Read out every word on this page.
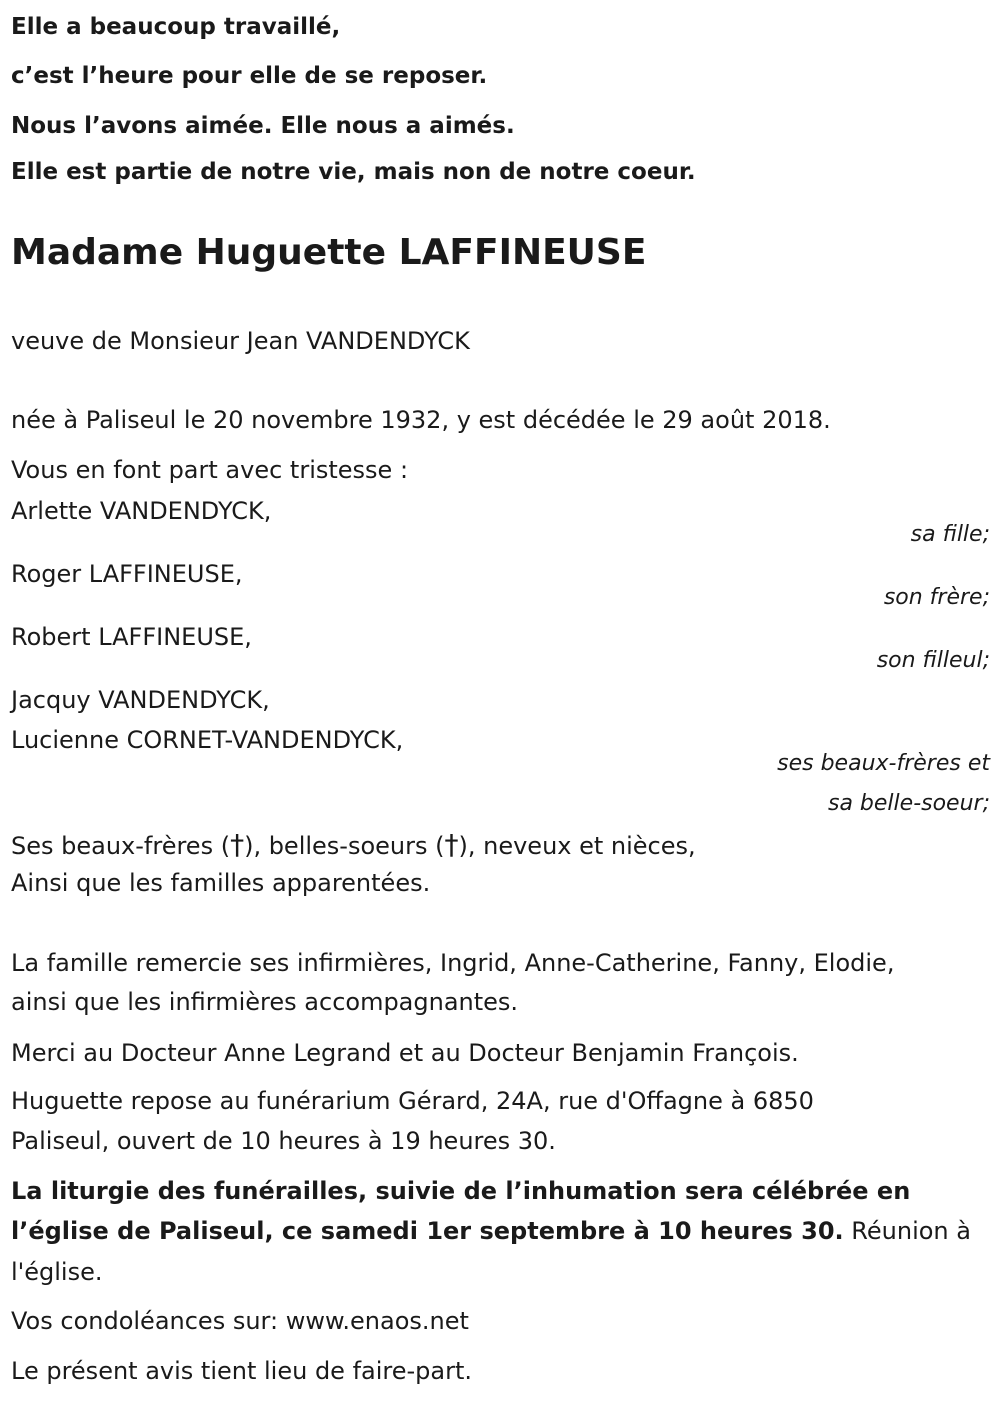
Elle a beaucoup travaillé,
c’est l’heure pour elle de se reposer.
Nous l’avons aimée. Elle nous a aimés.
Elle est partie de notre vie, mais non de notre coeur.
Madame Huguette LAFFINEUSE
veuve de Monsieur Jean VANDENDYCK
née à Paliseul le 20 novembre 1932, y est décédée le 29 août 2018.
Vous en font part avec tristesse :
Arlette VANDENDYCK,
sa fille;
Roger LAFFINEUSE,
son frère;
Robert LAFFINEUSE,
son filleul;
Jacquy VANDENDYCK,
Lucienne CORNET-VANDENDYCK,
ses beaux-frères et
sa belle-soeur;
Ses beaux-frères (†), belles-soeurs (†), neveux et nièces,
Ainsi que les familles apparentées.
La famille remercie ses infirmières, Ingrid, Anne-Catherine, Fanny, Elodie,
ainsi que les infirmières accompagnantes.
Merci au Docteur Anne Legrand et au Docteur Benjamin François.
Huguette repose au funérarium Gérard, 24A, rue d'Offagne à 6850
Paliseul, ouvert de 10 heures à 19 heures 30.
La liturgie des funérailles, suivie de l’inhumation sera célébrée en
l’église de Paliseul, ce samedi 1er septembre à 10 heures 30. Réunion à
l'église.
Vos condoléances sur: www.enaos.net
Le présent avis tient lieu de faire-part.
